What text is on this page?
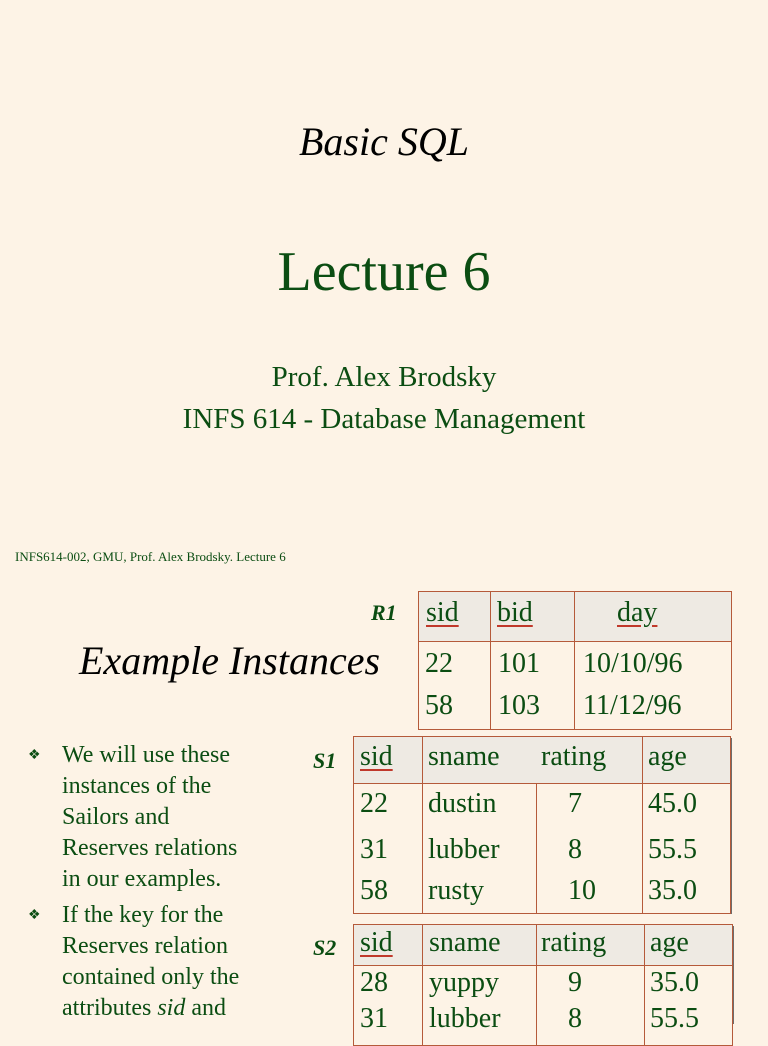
Basic SQL
Lecture 6
Prof. Alex Brodsky
INFS 614 - Database Management
INFS614-002, GMU, Prof. Alex Brodsky. Lecture 6
Example Instances
❖ We will use these
instances of the
Sailors and
Reserves relations
in our examples.
❖ If the key for the
Reserves relation
contained only the
attributes sid and
R1 sid bid	day
22 101 10/10/96
58 103 11/12/96
S1 sid sname rating age
22 dustin	7 45.0
31 lubber 8 55.5
58 rusty	10 35.0
S2 sid sname rating age
28 yuppy 9 35.0
31 lubber 8 55.5
